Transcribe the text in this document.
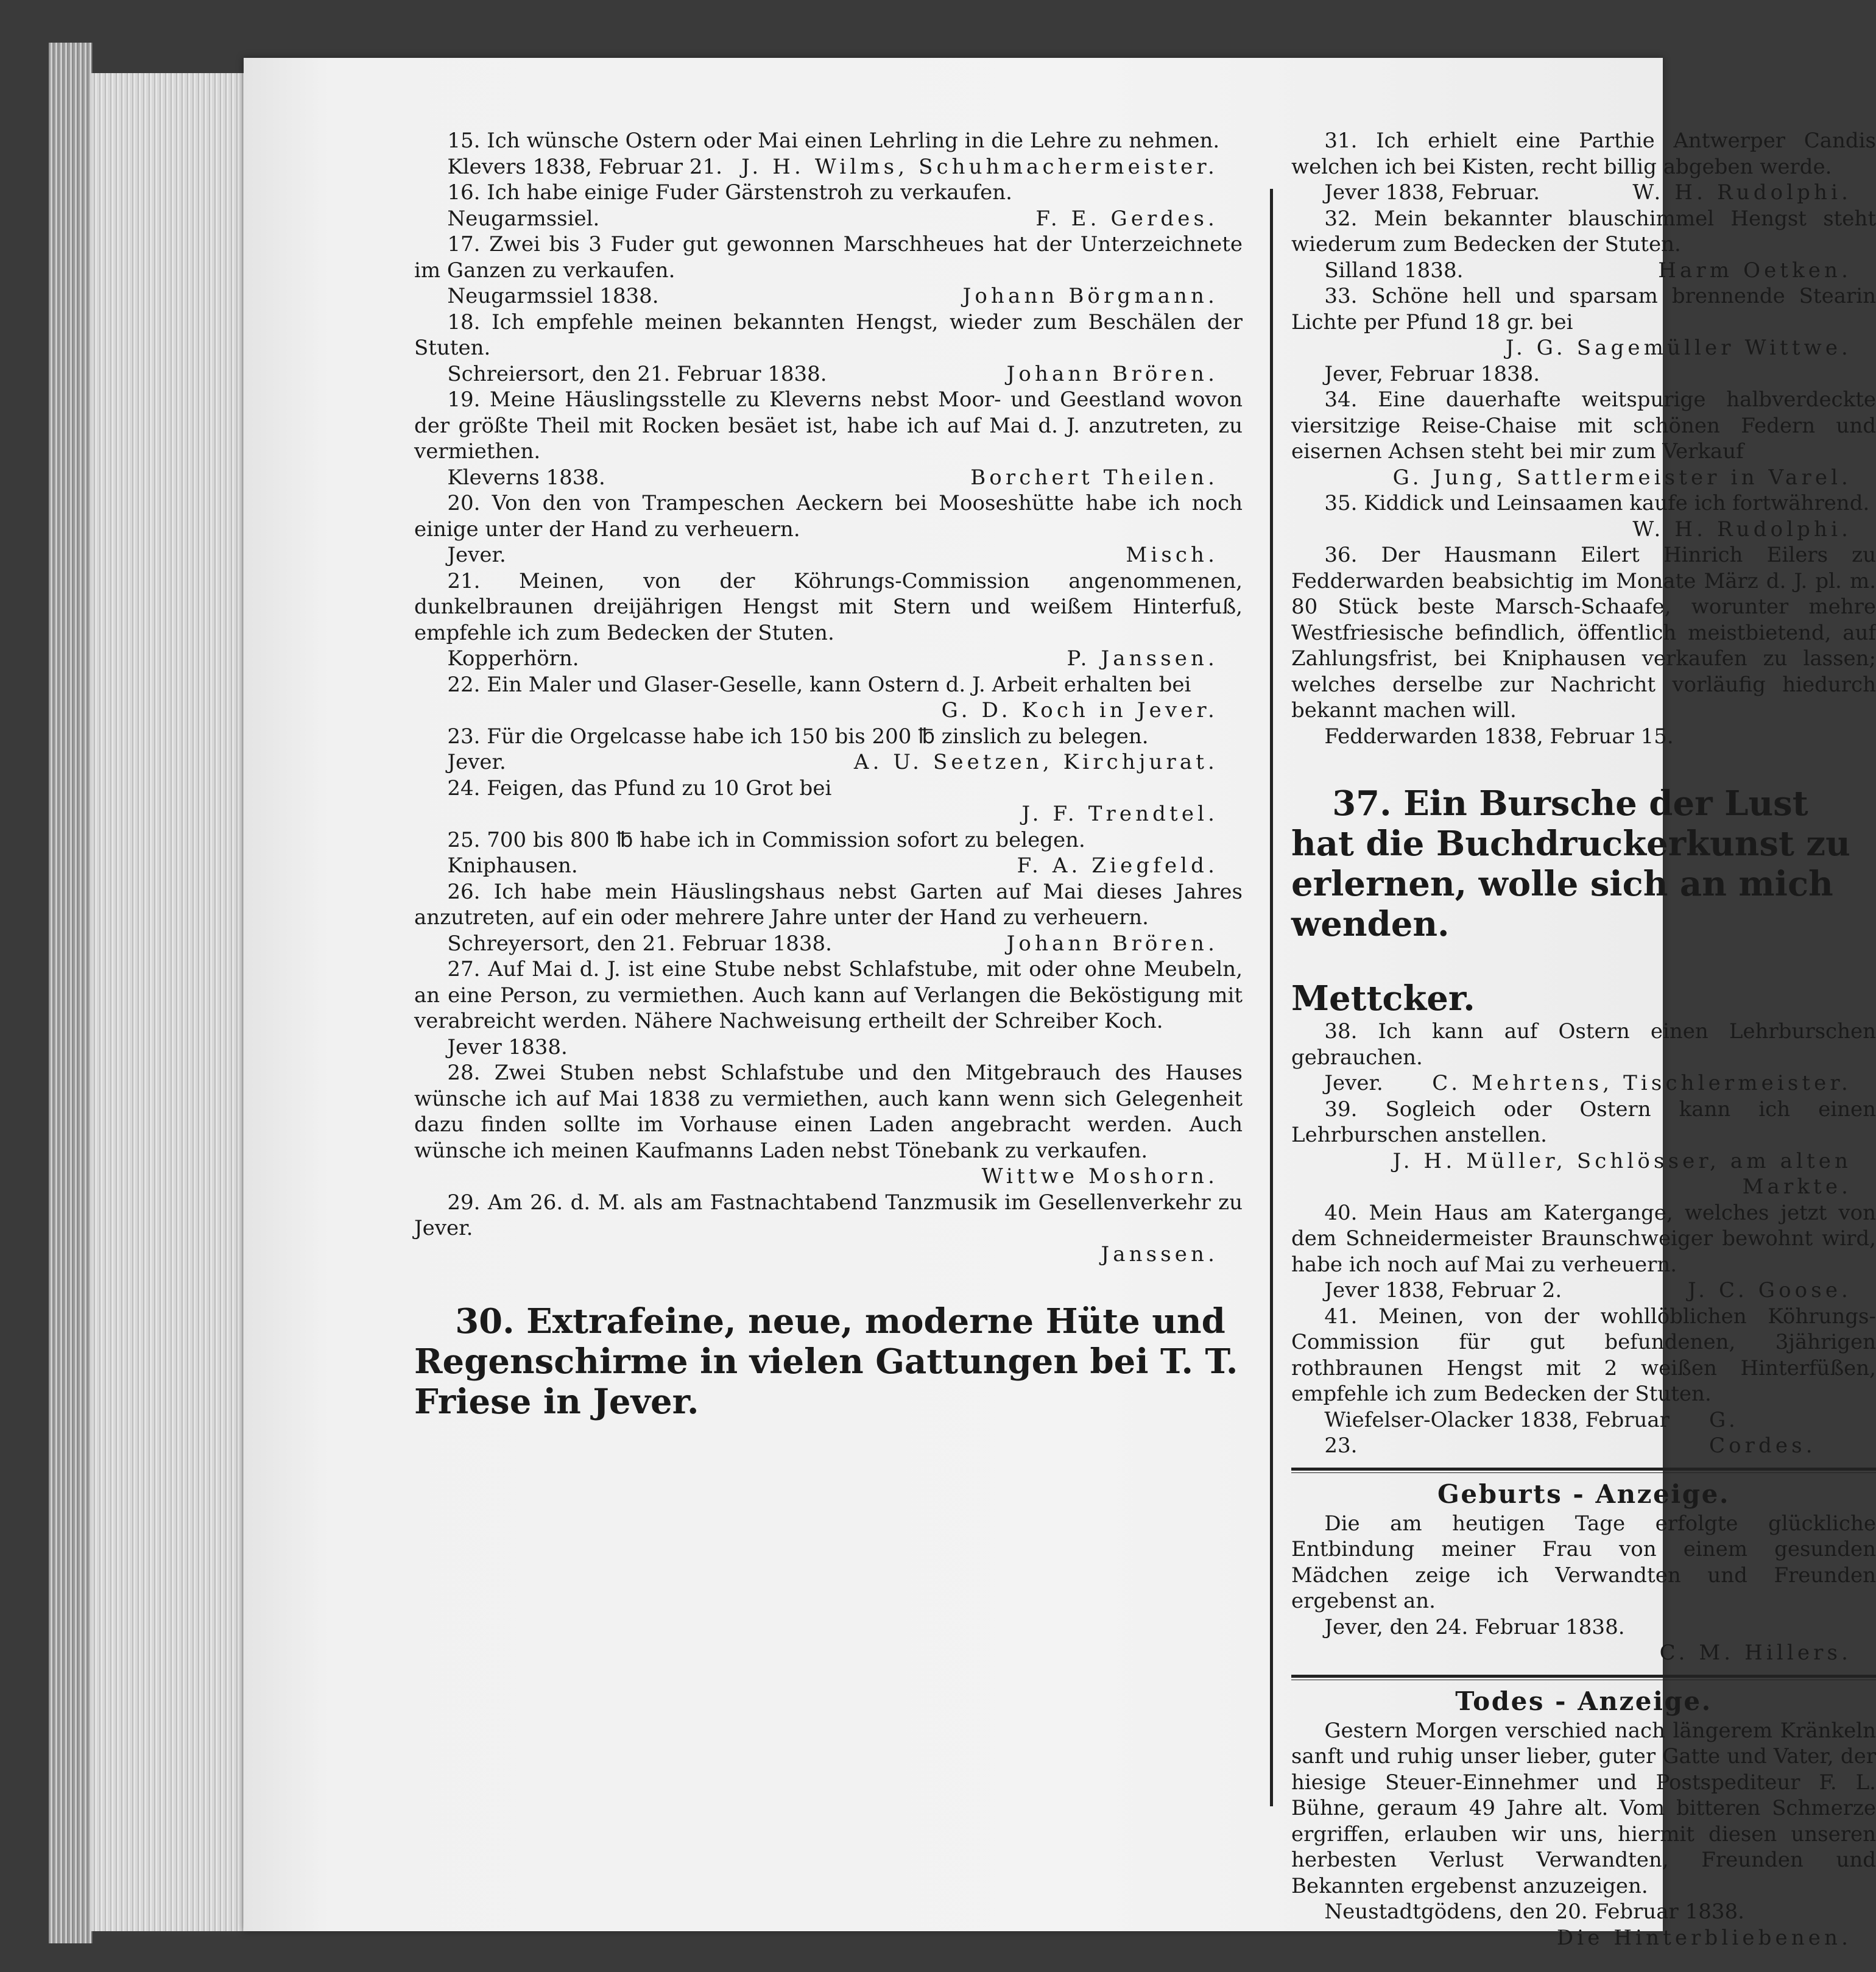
15. Ich wünsche Ostern oder Mai einen Lehrling in die Lehre zu nehmen.

Klevers 1838, Februar 21. J. H. Wilms, Schuhmachermeister.

16. Ich habe einige Fuder Gärstenstroh zu verkaufen.

Neugarmssiel.	F. E. Gerdes.

17. Zwei bis 3 Fuder gut gewonnen Marschheues hat der Unterzeichnete im Ganzen zu verkaufen.

Neugarmssiel 1838.	Johann Börgmann.

18. Ich empfehle meinen bekannten Hengst, wieder zum Beschälen der Stuten.

Schreiersort, den 21. Februar 1838.	Johann Brören.

19. Meine Häuslingsstelle zu Kleverns nebst Moor- und Geestland wovon der größte Theil mit Rocken besäet ist, habe ich auf Mai d. J. anzutreten, zu vermiethen.

Kleverns 1838.	Borchert Theilen.

20. Von den von Trampeschen Aeckern bei Mooseshütte habe ich noch einige unter der Hand zu verheuern.

Jever.	Misch.

21. Meinen, von der Köhrungs-Commission angenommenen, dunkelbraunen dreijährigen Hengst mit Stern und weißem Hinterfuß, empfehle ich zum Bedecken der Stuten.

Kopperhörn.	P. Janssen.

22. Ein Maler und Glaser-Geselle, kann Ostern d. J. Arbeit erhalten bei

G. D. Koch in Jever.

23. Für die Orgelcasse habe ich 150 bis 200 ℔ zinslich zu belegen.

Jever.	A. U. Seetzen, Kirchjurat.

24. Feigen, das Pfund zu 10 Grot bei

J. F. Trendtel.

25. 700 bis 800 ℔ habe ich in Commission sofort zu belegen.

Kniphausen.	F. A. Ziegfeld.

26. Ich habe mein Häuslingshaus nebst Garten auf Mai dieses Jahres anzutreten, auf ein oder mehrere Jahre unter der Hand zu verheuern.

Schreyersort, den 21. Februar 1838.	Johann Brören.

27. Auf Mai d. J. ist eine Stube nebst Schlafstube, mit oder ohne Meubeln, an eine Person, zu vermiethen. Auch kann auf Verlangen die Beköstigung mit verabreicht werden. Nähere Nachweisung ertheilt der Schreiber Koch.

Jever 1838.

28. Zwei Stuben nebst Schlafstube und den Mitgebrauch des Hauses wünsche ich auf Mai 1838 zu vermiethen, auch kann wenn sich Gelegenheit dazu finden sollte im Vorhause einen Laden angebracht werden. Auch wünsche ich meinen Kaufmanns Laden nebst Tönebank zu verkaufen.

Wittwe Moshorn.

29. Am 26. d. M. als am Fastnachtabend Tanzmusik im Gesellenverkehr zu Jever.

Janssen.

30. Extrafeine, neue, moderne Hüte und Regenschirme in vielen Gattungen bei T. T. Friese in Jever.

31. Ich erhielt eine Parthie Antwerper Candis welchen ich bei Kisten, recht billig abgeben werde.

Jever 1838, Februar.	W. H. Rudolphi.

32. Mein bekannter blauschimmel Hengst steht wiederum zum Bedecken der Stuten.

Silland 1838.	Harm Oetken.

33. Schöne hell und sparsam brennende Stearin Lichte per Pfund 18 gr. bei

J. G. Sagemüller Wittwe.

Jever, Februar 1838.

34. Eine dauerhafte weitspurige halbverdeckte viersitzige Reise-Chaise mit schönen Federn und eisernen Achsen steht bei mir zum Verkauf

G. Jung, Sattlermeister in Varel.

35. Kiddick und Leinsaamen kaufe ich fortwährend.

W. H. Rudolphi.

36. Der Hausmann Eilert Hinrich Eilers zu Fedderwarden beabsichtig im Monate März d. J. pl. m. 80 Stück beste Marsch-Schaafe, worunter mehre Westfriesische befindlich, öffentlich meistbietend, auf Zahlungsfrist, bei Kniphausen verkaufen zu lassen; welches derselbe zur Nachricht vorläufig hiedurch bekannt machen will.

Fedderwarden 1838, Februar 15.

37. Ein Bursche der Lust hat die Buchdruckerkunst zu erlernen, wolle sich an mich wenden.

Mettcker.

38. Ich kann auf Ostern einen Lehrburschen gebrauchen.

Jever. C. Mehrtens, Tischlermeister.

39. Sogleich oder Ostern kann ich einen Lehrburschen anstellen.

J. H. Müller, Schlösser, am alten Markte.

40. Mein Haus am Katergange, welches jetzt von dem Schneidermeister Braunschweiger bewohnt wird, habe ich noch auf Mai zu verheuern.

Jever 1838, Februar 2.	J. C. Goose.

41. Meinen, von der wohllöblichen Köhrungs-Commission für gut befundenen, 3jährigen rothbraunen Hengst mit 2 weißen Hinterfüßen, empfehle ich zum Bedecken der Stuten.

Wiefelser-Olacker 1838, Februar 23.
G. Cordes.
Geburts - Anzeige.

Die am heutigen Tage erfolgte glückliche Entbindung meiner Frau von einem gesunden Mädchen zeige ich Verwandten und Freunden ergebenst an.

Jever, den 24. Februar 1838.

C. M. Hillers.
Todes - Anzeige.

Gestern Morgen verschied nach längerem Kränkeln sanft und ruhig unser lieber, guter Gatte und Vater, der hiesige Steuer-Einnehmer und Postspediteur F. L. Bühne, geraum 49 Jahre alt. Vom bitteren Schmerze ergriffen, erlauben wir uns, hiermit diesen unseren herbesten Verlust Verwandten, Freunden und Bekannten ergebenst anzuzeigen.

Neustadtgödens, den 20. Februar 1838.

Die Hinterbliebenen.
